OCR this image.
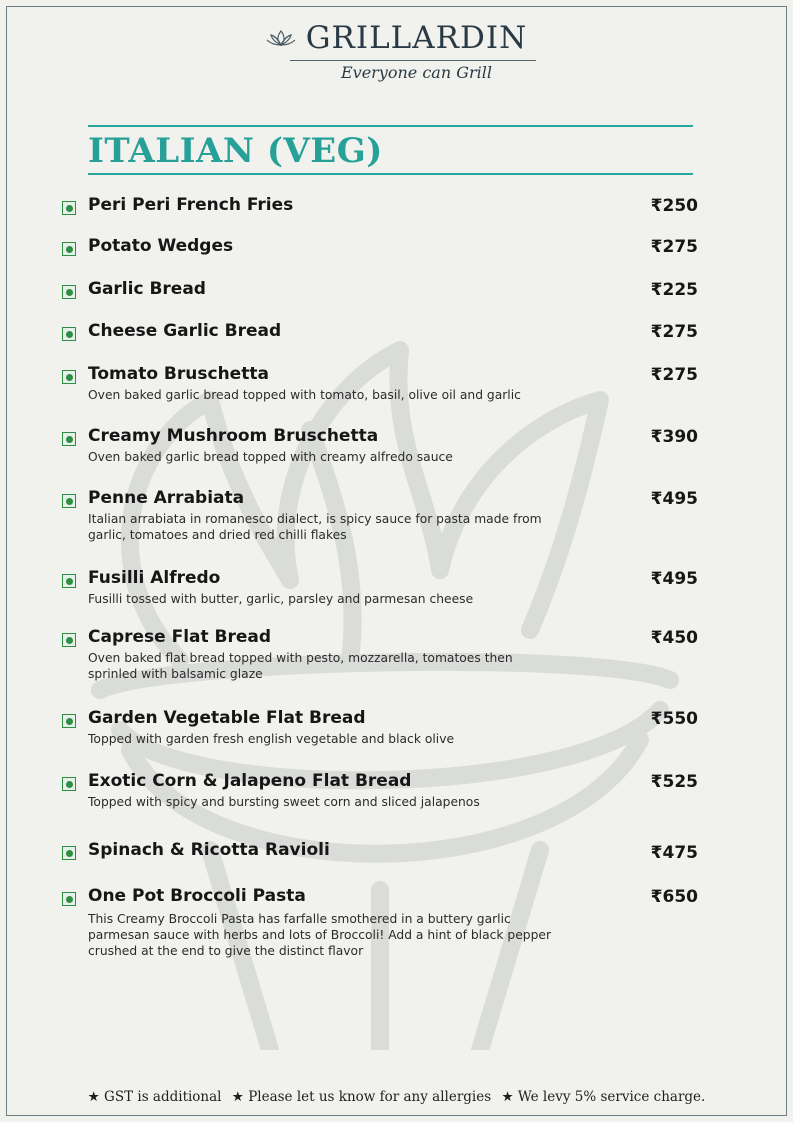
GRILLARDIN
Everyone can Grill
ITALIAN (VEG)
Peri Peri French Fries	₹250
Potato Wedges	₹275
Garlic Bread	₹225
Cheese Garlic Bread	₹275
Tomato Bruschetta	₹275
Oven baked garlic bread topped with tomato, basil, olive oil and garlic
Creamy Mushroom Bruschetta	₹390
Oven baked garlic bread topped with creamy alfredo sauce
Penne Arrabiata	₹495
Italian arrabiata in romanesco dialect, is spicy sauce for pasta made from garlic, tomatoes and dried red chilli flakes
Fusilli Alfredo	₹495
Fusilli tossed with butter, garlic, parsley and parmesan cheese
Caprese Flat Bread	₹450
Oven baked flat bread topped with pesto, mozzarella, tomatoes then sprinled with balsamic glaze
Garden Vegetable Flat Bread	₹550
Topped with garden fresh english vegetable and black olive
Exotic Corn & Jalapeno Flat Bread	₹525
Topped with spicy and bursting sweet corn and sliced jalapenos
Spinach & Ricotta Ravioli	₹475
One Pot Broccoli Pasta	₹650
This Creamy Broccoli Pasta has farfalle smothered in a buttery garlic parmesan sauce with herbs and lots of Broccoli! Add a hint of black pepper crushed at the end to give the distinct flavor
★ GST is additional ★ Please let us know for any allergies ★ We levy 5% service charge.
